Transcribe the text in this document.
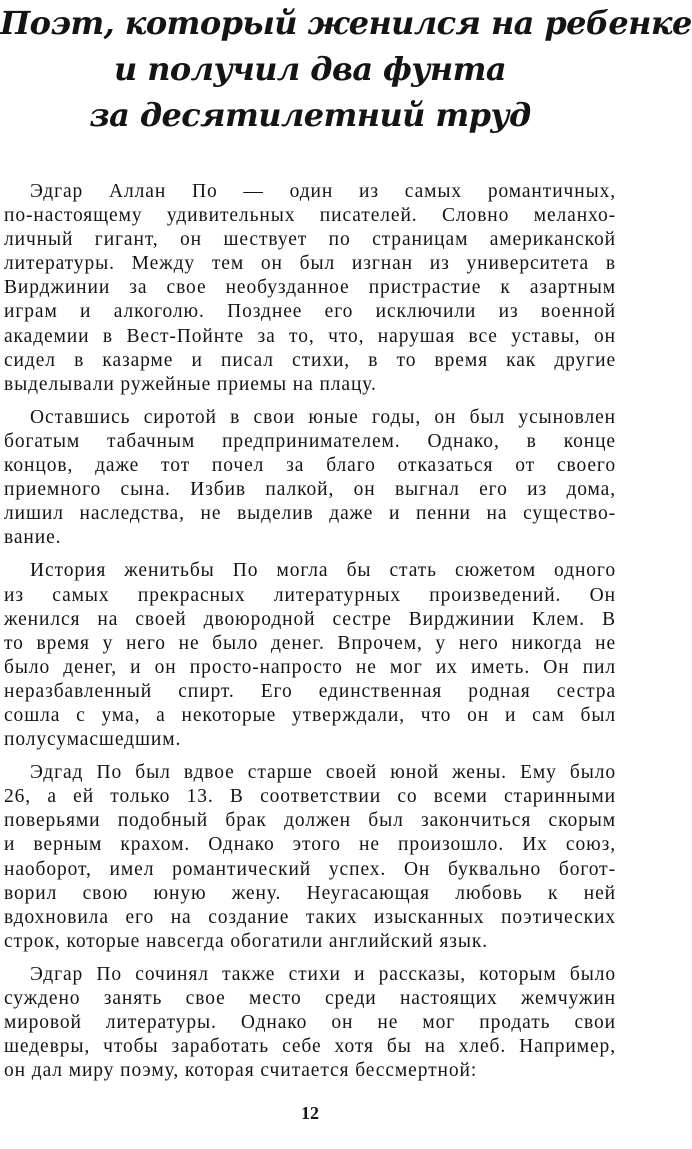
Поэт, который женился на ребенке
и получил два фунта
за десятилетний труд
Эдгар Аллан По — один из самых романтичных,
по-настоящему удивительных писателей. Словно меланхо-
личный гигант, он шествует по страницам американской
литературы. Между тем он был изгнан из университета в
Вирджинии за свое необузданное пристрастие к азартным
играм и алкоголю. Позднее его исключили из военной
академии в Вест-Пойнте за то, что, нарушая все уставы, он
сидел в казарме и писал стихи, в то время как другие
выделывали ружейные приемы на плацу.
Оставшись сиротой в свои юные годы, он был усыновлен
богатым табачным предпринимателем. Однако, в конце
концов, даже тот почел за благо отказаться от своего
приемного сына. Избив палкой, он выгнал его из дома,
лишил наследства, не выделив даже и пенни на существо-
вание.
История женитьбы По могла бы стать сюжетом одного
из самых прекрасных литературных произведений. Он
женился на своей двоюродной сестре Вирджинии Клем. В
то время у него не было денег. Впрочем, у него никогда не
было денег, и он просто-напросто не мог их иметь. Он пил
неразбавленный спирт. Его единственная родная сестра
сошла с ума, а некоторые утверждали, что он и сам был
полусумасшедшим.
Эдгад По был вдвое старше своей юной жены. Ему было
26, а ей только 13. В соответствии со всеми старинными
поверьями подобный брак должен был закончиться скорым
и верным крахом. Однако этого не произошло. Их союз,
наоборот, имел романтический успех. Он буквально богот-
ворил свою юную жену. Неугасающая любовь к ней
вдохновила его на создание таких изысканных поэтических
строк, которые навсегда обогатили английский язык.
Эдгар По сочинял также стихи и рассказы, которым было
суждено занять свое место среди настоящих жемчужин
мировой литературы. Однако он не мог продать свои
шедевры, чтобы заработать себе хотя бы на хлеб. Например,
он дал миру поэму, которая считается бессмертной:
12
